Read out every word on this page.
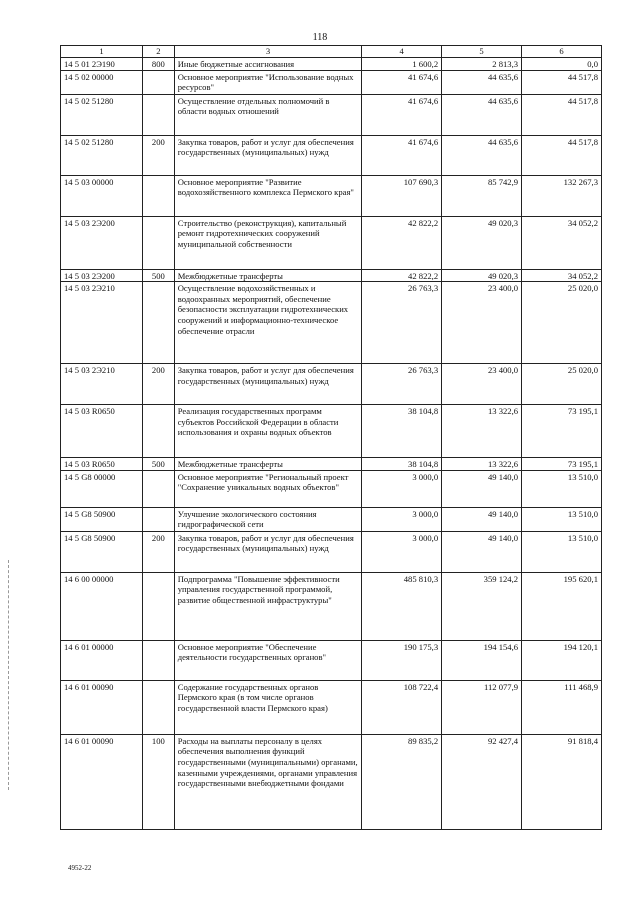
118
1	2	3	4	5	6
14 5 01 2Э190	800	Иные бюджетные ассигнования	1 600,2	2 813,3	0,0
14 5 02 00000		Основное мероприятие "Использование водных ресурсов"	41 674,6	44 635,6	44 517,8
14 5 02 51280		Осуществление отдельных полномочий в области водных отношений	41 674,6	44 635,6	44 517,8
14 5 02 51280	200	Закупка товаров, работ и услуг для обеспечения государственных (муниципальных) нужд	41 674,6	44 635,6	44 517,8
14 5 03 00000		Основное мероприятие "Развитие водохозяйственного комплекса Пермского края"	107 690,3	85 742,9	132 267,3
14 5 03 2Э200		Строительство (реконструкция), капитальный ремонт гидротехнических сооружений муниципальной собственности	42 822,2	49 020,3	34 052,2
14 5 03 2Э200	500	Межбюджетные трансферты	42 822,2	49 020,3	34 052,2
14 5 03 2Э210		Осуществление водохозяйственных и водоохранных мероприятий, обеспечение безопасности эксплуатации гидротехнических сооружений и информационно-техническое обеспечение отрасли	26 763,3	23 400,0	25 020,0
14 5 03 2Э210	200	Закупка товаров, работ и услуг для обеспечения государственных (муниципальных) нужд	26 763,3	23 400,0	25 020,0
14 5 03 R0650		Реализация государственных программ субъектов Российской Федерации в области использования и охраны водных объектов	38 104,8	13 322,6	73 195,1
14 5 03 R0650	500	Межбюджетные трансферты	38 104,8	13 322,6	73 195,1
14 5 G8 00000		Основное мероприятие "Региональный проект "Сохранение уникальных водных объектов"	3 000,0	49 140,0	13 510,0
14 5 G8 50900		Улучшение экологического состояния гидрографической сети	3 000,0	49 140,0	13 510,0
14 5 G8 50900	200	Закупка товаров, работ и услуг для обеспечения государственных (муниципальных) нужд	3 000,0	49 140,0	13 510,0
14 6 00 00000		Подпрограмма "Повышение эффективности управления государственной программой, развитие общественной инфраструктуры"	485 810,3	359 124,2	195 620,1
14 6 01 00000		Основное мероприятие "Обеспечение деятельности государственных органов"	190 175,3	194 154,6	194 120,1
14 6 01 00090		Содержание государственных органов Пермского края (в том числе органов государственной власти Пермского края)	108 722,4	112 077,9	111 468,9
14 6 01 00090	100	Расходы на выплаты персоналу в целях обеспечения выполнения функций государственными (муниципальными) органами, казенными учреждениями, органами управления государственными внебюджетными фондами	89 835,2	92 427,4	91 818,4
4952-22
